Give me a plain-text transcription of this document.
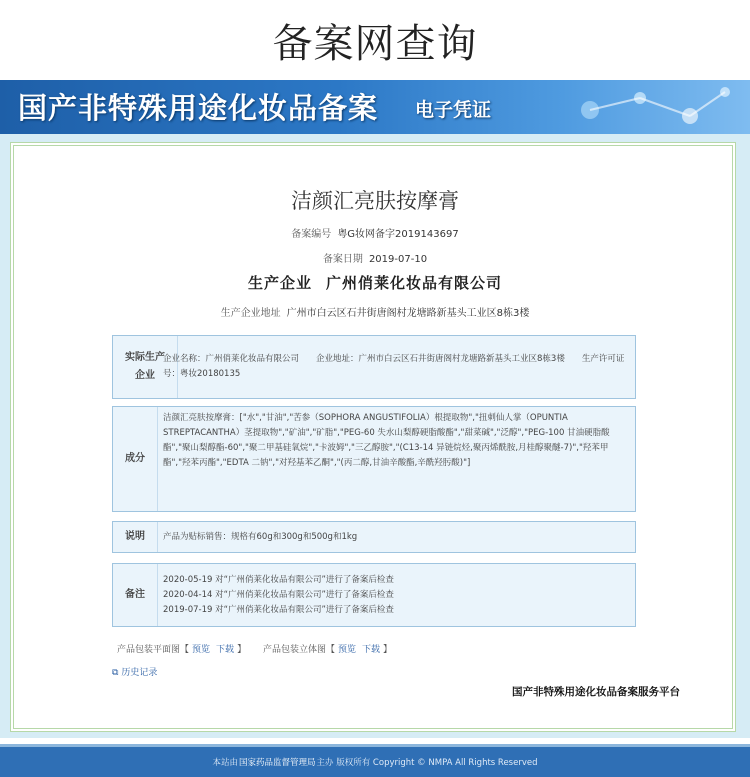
备案网查询
国产非特殊用途化妆品备案 电子凭证
洁颜汇亮肤按摩膏
备案编号 粤G妆网备字2019143697
备案日期 2019-07-10
生产企业 广州俏莱化妆品有限公司
生产企业地址 广州市白云区石井街唐阁村龙塘路新基头工业区8栋3楼
实际生产企业
企业名称：广州俏莱化妆品有限公司　　企业地址：广州市白云区石井街唐阁村龙塘路新基头工业区8栋3楼　　生产许可证号：粤妆20180135
成分
洁颜汇亮肤按摩膏：["水","甘油","苦参（SOPHORA ANGUSTIFOLIA）根提取物","扭刺仙人掌（OPUNTIA STREPTACANTHA）茎提取物","矿油","矿脂","PEG-60 失水山梨醇硬脂酸酯","甜菜碱","泛醇","PEG-100 甘油硬脂酸酯","聚山梨醇酯-60","聚二甲基硅氧烷","卡波姆","三乙醇胺","(C13-14 异链烷烃,聚丙烯酰胺,月桂醇聚醚-7)","羟苯甲酯","羟苯丙酯","EDTA 二钠","对羟基苯乙酮","(丙二醇,甘油辛酸酯,辛酰羟肟酸)"]
说明	产品为贴标销售：规格有60g和300g和500g和1kg
备注
2020-05-19 对“广州俏莱化妆品有限公司”进行了备案后检查
2020-04-14 对“广州俏莱化妆品有限公司”进行了备案后检查
2019-07-19 对“广州俏莱化妆品有限公司”进行了备案后检查
产品包装平面图【 预览 下载 】 产品包装立体图【 预览 下载 】
⧉ 历史记录
国产非特殊用途化妆品备案服务平台
本站由 国家药品监督管理局 主办 版权所有 Copyright © NMPA All Rights Reserved
